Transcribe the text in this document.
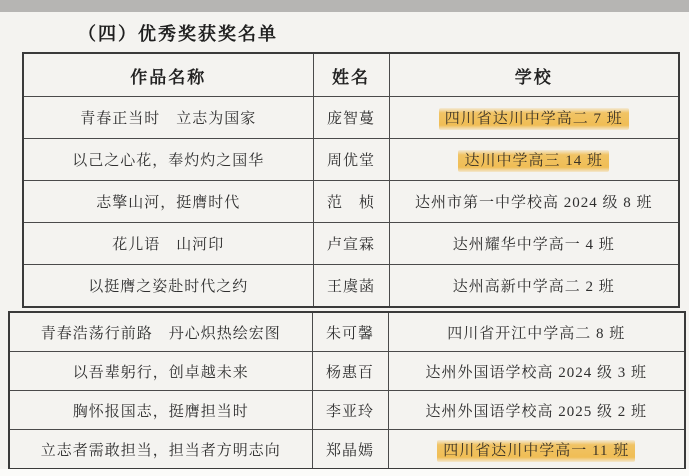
（四）优秀奖获奖名单
作品名称	姓名	学校
青春正当时　立志为国家	庞智蔓	四川省达川中学高二 7 班
以己之心花，奉灼灼之国华	周优堂	达川中学高三 14 班
志擎山河，挺膺时代	范　桢	达州市第一中学校高 2024 级 8 班
花儿语　山河印	卢宣霖	达州耀华中学高一 4 班
以挺膺之姿赴时代之约	王虞菡	达州高新中学高二 2 班
青春浩荡行前路　丹心炽热绘宏图	朱可馨	四川省开江中学高二 8 班
以吾辈躬行，创卓越未来	杨惠百	达州外国语学校高 2024 级 3 班
胸怀报国志，挺膺担当时	李亚玲	达州外国语学校高 2025 级 2 班
立志者需敢担当，担当者方明志向	郑晶嫣	四川省达川中学高一 11 班
